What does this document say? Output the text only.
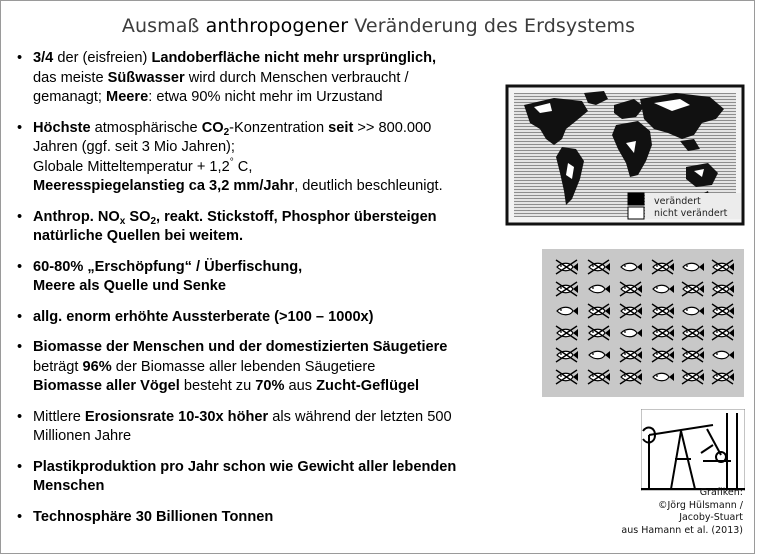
Ausmaß anthropogener Veränderung des Erdsystems
• 3/4 der (eisfreien) Landoberfläche nicht mehr ursprünglich,
das meiste Süßwasser wird durch Menschen verbraucht /
gemanagt; Meere: etwa 90% nicht mehr im Urzustand
• Höchste atmosphärische $CO_2$-Konzentration seit >> 800.000
Jahren (ggf. seit 3 Mio Jahren);
Globale Mitteltemperatur + 1,2° C,
Meeresspiegelanstieg ca 3,2 mm/Jahr, deutlich beschleunigt.
• Anthrop. $NO_x$ $SO_2$, reakt. Stickstoff, Phosphor übersteigen
natürliche Quellen bei weitem.
• 60-80% „Erschöpfung“ / Überfischung,
Meere als Quelle und Senke
• allg. enorm erhöhte Aussterberate (>100 – 1000x)
• Biomasse der Menschen und der domestizierten Säugetiere
beträgt 96% der Biomasse aller lebenden Säugetiere
Biomasse aller Vögel besteht zu 70% aus Zucht-Geflügel
• Mittlere Erosionsrate 10-30x höher als während der letzten 500
Millionen Jahre
• Plastikproduktion pro Jahr schon wie Gewicht aller lebenden
Menschen
• Technosphäre 30 Billionen Tonnen
verändert
nicht verändert
Grafiken:
©Jörg Hülsmann /
Jacoby-Stuart
aus Hamann et al. (2013)
